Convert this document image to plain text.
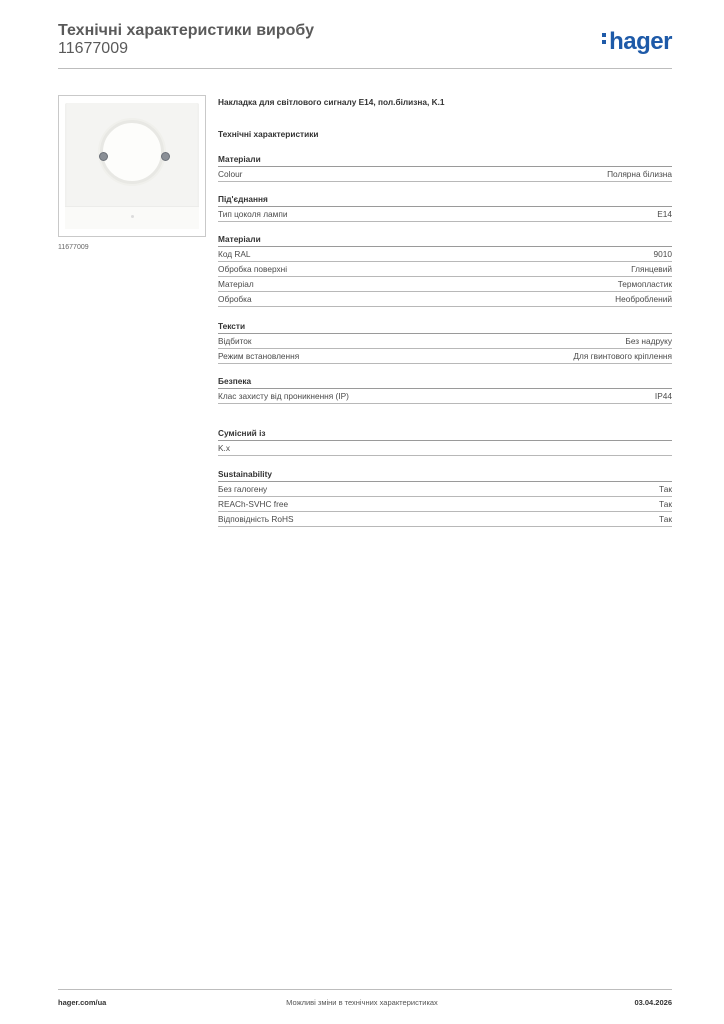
Технічні характеристики виробу
11677009	hager
11677009
Накладка для світлового сигналу E14, пол.білизна, K.1
Технічні характеристики
Матеріали
Colour	Полярна білизна
Під'єднання
Тип цоколя лампи	E14
Матеріали
Код RAL	9010
Обробка поверхні	Глянцевий
Матеріал	Термопластик
Обробка	Необроблений
Тексти
Відбиток	Без надруку
Режим встановлення	Для гвинтового кріплення
Безпека
Клас захисту від проникнення (IP)	IP44
Сумісний із
K.x
Sustainability
Без галогену	Так
REACh-SVHC free	Так
Відповідність RoHS	Так
hager.com/ua	Можливі зміни в технічних характеристиках	03.04.2026
